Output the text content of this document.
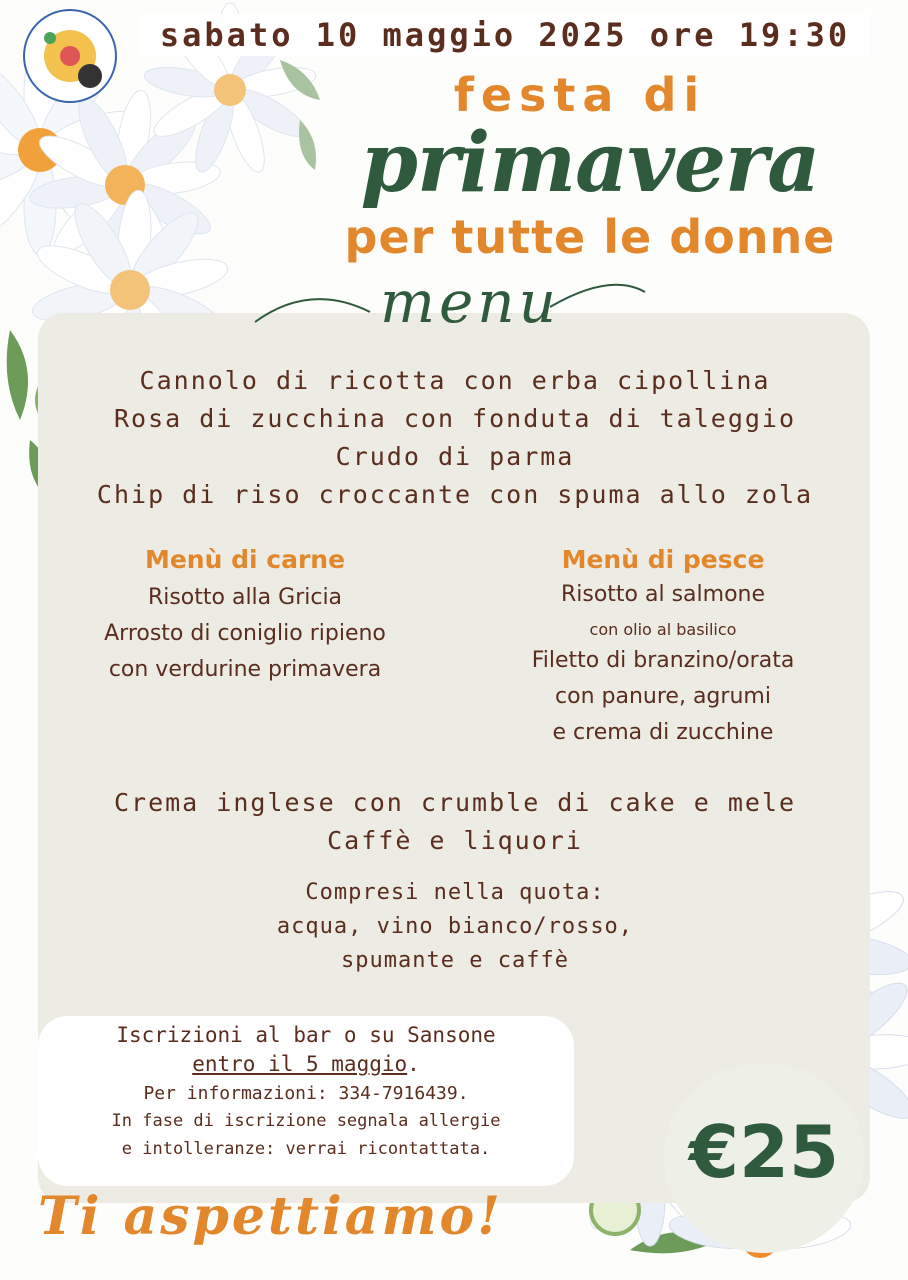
sabato 10 maggio 2025 ore 19:30
festa di
primavera
per tutte le donne
menu
Cannolo di ricotta con erba cipollina
Rosa di zucchina con fonduta di taleggio
Crudo di parma
Chip di riso croccante con spuma allo zola
Menù di carne
Risotto alla Gricia
Arrosto di coniglio ripieno
con verdurine primavera
Menù di pesce
Risotto al salmone
con olio al basilico
Filetto di branzino/orata
con panure, agrumi
e crema di zucchine
Crema inglese con crumble di cake e mele
Caffè e liquori
Compresi nella quota:
acqua, vino bianco/rosso,
spumante e caffè
Iscrizioni al bar o su Sansone
entro il 5 maggio.
Per informazioni: 334-7916439.
In fase di iscrizione segnala allergie
e intolleranze: verrai ricontattata.	€25
Ti aspettiamo!
